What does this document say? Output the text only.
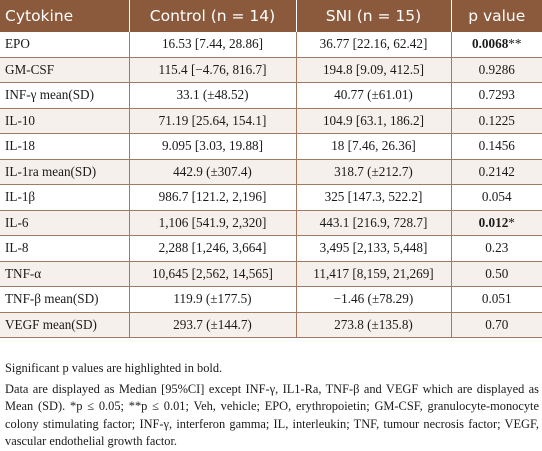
Cytokine	Control (n = 14)	SNI (n = 15)	p value
EPO	16.53 [7.44, 28.86]	36.77 [22.16, 62.42]	0.0068**
GM-CSF	115.4 [−4.76, 816.7]	194.8 [9.09, 412.5]	0.9286
INF-γ mean(SD)	33.1 (±48.52)	40.77 (±61.01)	0.7293
IL-10	71.19 [25.64, 154.1]	104.9 [63.1, 186.2]	0.1225
IL-18	9.095 [3.03, 19.88]	18 [7.46, 26.36]	0.1456
IL-1ra mean(SD)	442.9 (±307.4)	318.7 (±212.7)	0.2142
IL-1β	986.7 [121.2, 2,196]	325 [147.3, 522.2]	0.054
IL-6	1,106 [541.9, 2,320]	443.1 [216.9, 728.7]	0.012*
IL-8	2,288 [1,246, 3,664]	3,495 [2,133, 5,448]	0.23
TNF-α	10,645 [2,562, 14,565]	11,417 [8,159, 21,269]	0.50
TNF-β mean(SD)	119.9 (±177.5)	−1.46 (±78.29)	0.051
VEGF mean(SD)	293.7 (±144.7)	273.8 (±135.8)	0.70

Significant p values are highlighted in bold.

Data are displayed as Median [95%CI] except INF-γ, IL1-Ra, TNF-β and VEGF which are displayed as Mean (SD). *p ≤ 0.05; **p ≤ 0.01; Veh, vehicle; EPO, erythropoietin; GM-CSF, granulocyte-monocyte colony stimulating factor; INF-γ, interferon gamma; IL, interleukin; TNF, tumour necrosis factor; VEGF, vascular endothelial growth factor.
